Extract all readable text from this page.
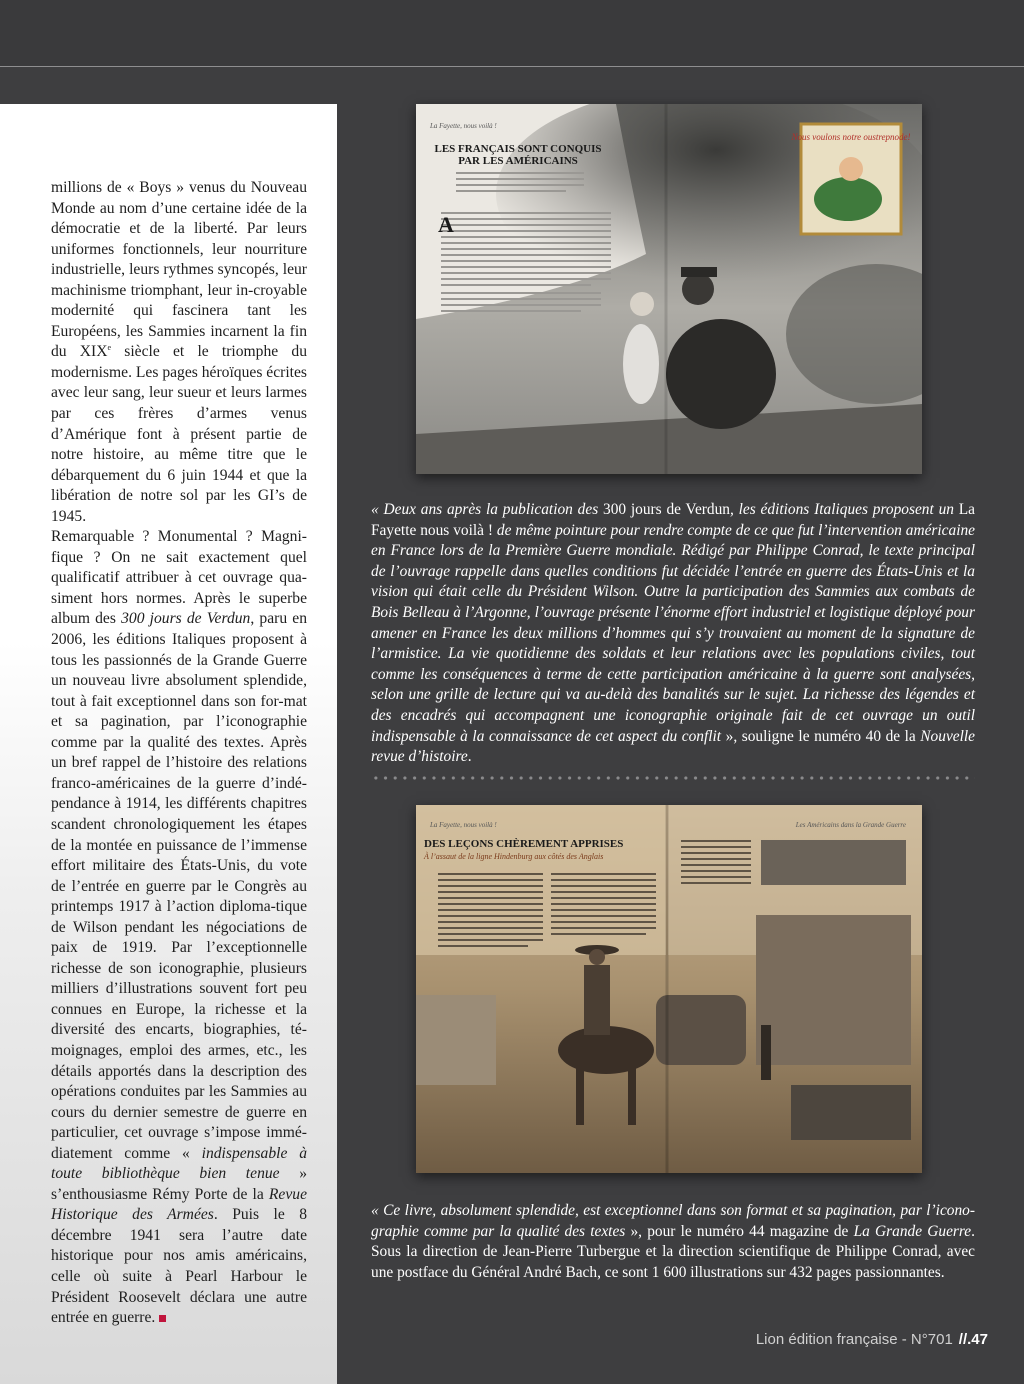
millions de « Boys » venus du Nouveau Monde au nom d’une certaine idée de la démocratie et de la liberté. Par leurs uniformes fonctionnels, leur nourriture industrielle, leurs rythmes syncopés, leur machinisme triomphant, leur in-croyable modernité qui fascinera tant les Européens, les Sammies incarnent la fin du XIXe siècle et le triomphe du modernisme. Les pages héroïques écrites avec leur sang, leur sueur et leurs larmes par ces frères d’armes venus d’Amérique font à présent partie de notre histoire, au même titre que le débarquement du 6 juin 1944 et que la libération de notre sol par les GI’s de 1945.

Remarquable ? Monumental ? Magni-fique ? On ne sait exactement quel qualificatif attribuer à cet ouvrage qua-siment hors normes. Après le superbe album des 300 jours de Verdun, paru en 2006, les éditions Italiques proposent à tous les passionnés de la Grande Guerre un nouveau livre absolument splendide, tout à fait exceptionnel dans son for-mat et sa pagination, par l’iconographie comme par la qualité des textes. Après un bref rappel de l’histoire des relations franco-américaines de la guerre d’indé-pendance à 1914, les différents chapitres scandent chronologiquement les étapes de la montée en puissance de l’immense effort militaire des États-Unis, du vote de l’entrée en guerre par le Congrès au printemps 1917 à l’action diploma-tique de Wilson pendant les négociations de paix de 1919. Par l’exceptionnelle richesse de son iconographie, plusieurs milliers d’illustrations souvent fort peu connues en Europe, la richesse et la diversité des encarts, biographies, té-moignages, emploi des armes, etc., les détails apportés dans la description des opérations conduites par les Sammies au cours du dernier semestre de guerre en particulier, cet ouvrage s’impose immé-diatement comme « indispensable à toute bibliothèque bien tenue » s’enthousiasme Rémy Porte de la Revue Historique des Armées. Puis le 8 décembre 1941 sera l’autre date historique pour nos amis américains, celle où suite à Pearl Harbour le Président Roosevelt déclara une autre entrée en guerre.

Nous voulons notre oustrepnode!
La Fayette, nous voilà !
LES FRANÇAIS SONT CONQUIS
PAR LES AMÉRICAINS
A

« Deux ans après la publication des 300 jours de Verdun, les éditions Italiques proposent un La Fayette nous voilà ! de même pointure pour rendre compte de ce que fut l’intervention américaine en France lors de la Première Guerre mondiale. Rédigé par Philippe Conrad, le texte principal de l’ouvrage rappelle dans quelles conditions fut décidée l’entrée en guerre des États-Unis et la vision qui était celle du Président Wilson. Outre la participation des Sammies aux combats de Bois Belleau à l’Argonne, l’ouvrage présente l’énorme effort industriel et logistique déployé pour amener en France les deux millions d’hommes qui s’y trouvaient au moment de la signature de l’armistice. La vie quotidienne des soldats et leur relations avec les populations civiles, tout comme les conséquences à terme de cette participation américaine à la guerre sont analysées, selon une grille de lecture qui va au-delà des banalités sur le sujet. La richesse des légendes et des encadrés qui accompagnent une iconographie originale fait de cet ouvrage un outil indispensable à la connaissance de cet aspect du conflit », souligne le numéro 40 de la Nouvelle revue d’histoire.

La Fayette, nous voilà !	Les Américains dans la Grande Guerre
DES LEÇONS CHÈREMENT APPRISES
À l’assaut de la ligne Hindenburg aux côtés des Anglais

« Ce livre, absolument splendide, est exceptionnel dans son format et sa pagination, par l’iconographie comme par la qualité des textes », pour le numéro 44 magazine de La Grande Guerre. Sous la direction de Jean-Pierre Turbergue et la direction scientifique de Philippe Conrad, avec une postface du Général André Bach, ce sont 1 600 illustrations sur 432 pages passionnantes.

Lion édition française - N°701 //.47
